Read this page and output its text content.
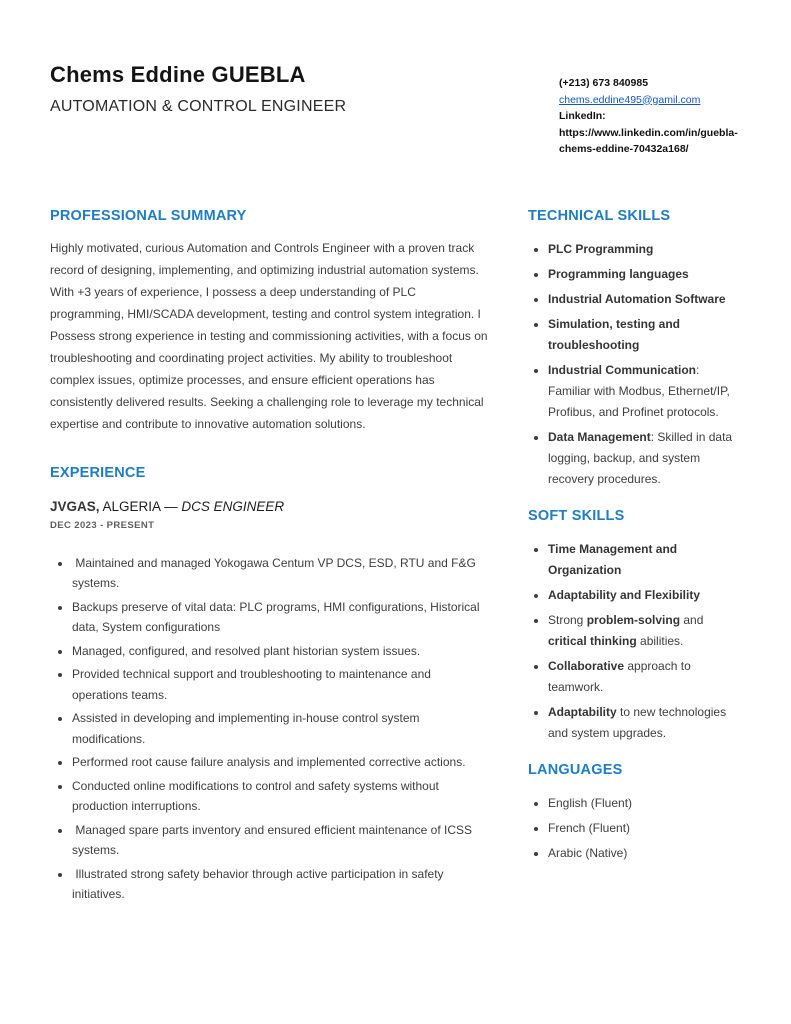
Chems Eddine GUEBLA
AUTOMATION & CONTROL ENGINEER
(+213) 673 840985
chems.eddine495@gamil.com
LinkedIn:
https://www.linkedin.com/in/guebla-chems-eddine-70432a168/
PROFESSIONAL SUMMARY

Highly motivated, curious Automation and Controls Engineer with a proven track record of designing, implementing, and optimizing industrial automation systems. With +3 years of experience, I possess a deep understanding of PLC programming, HMI/SCADA development, testing and control system integration. I Possess strong experience in testing and commissioning activities, with a focus on troubleshooting and coordinating project activities. My ability to troubleshoot complex issues, optimize processes, and ensure efficient operations has consistently delivered results. Seeking a challenging role to leverage my technical expertise and contribute to innovative automation solutions.

EXPERIENCE
JVGAS, ALGERIA — DCS ENGINEER
DEC 2023 - PRESENT
•  Maintained and managed Yokogawa Centum VP DCS, ESD, RTU and F&G systems.
• Backups preserve of vital data: PLC programs, HMI configurations, Historical data, System configurations
• Managed, configured, and resolved plant historian system issues.
• Provided technical support and troubleshooting to maintenance and operations teams.
• Assisted in developing and implementing in-house control system modifications.
• Performed root cause failure analysis and implemented corrective actions.
• Conducted online modifications to control and safety systems without production interruptions.
•  Managed spare parts inventory and ensured efficient maintenance of ICSS systems.
•  Illustrated strong safety behavior through active participation in safety initiatives.
TECHNICAL SKILLS
• PLC Programming
• Programming languages
• Industrial Automation Software
• Simulation, testing and troubleshooting
• Industrial Communication: Familiar with Modbus, Ethernet/IP, Profibus, and Profinet protocols.
• Data Management: Skilled in data logging, backup, and system recovery procedures.
SOFT SKILLS
• Time Management and Organization
• Adaptability and Flexibility
• Strong problem-solving and critical thinking abilities.
• Collaborative approach to teamwork.
• Adaptability to new technologies and system upgrades.
LANGUAGES
• English (Fluent)
• French (Fluent)
• Arabic (Native)
